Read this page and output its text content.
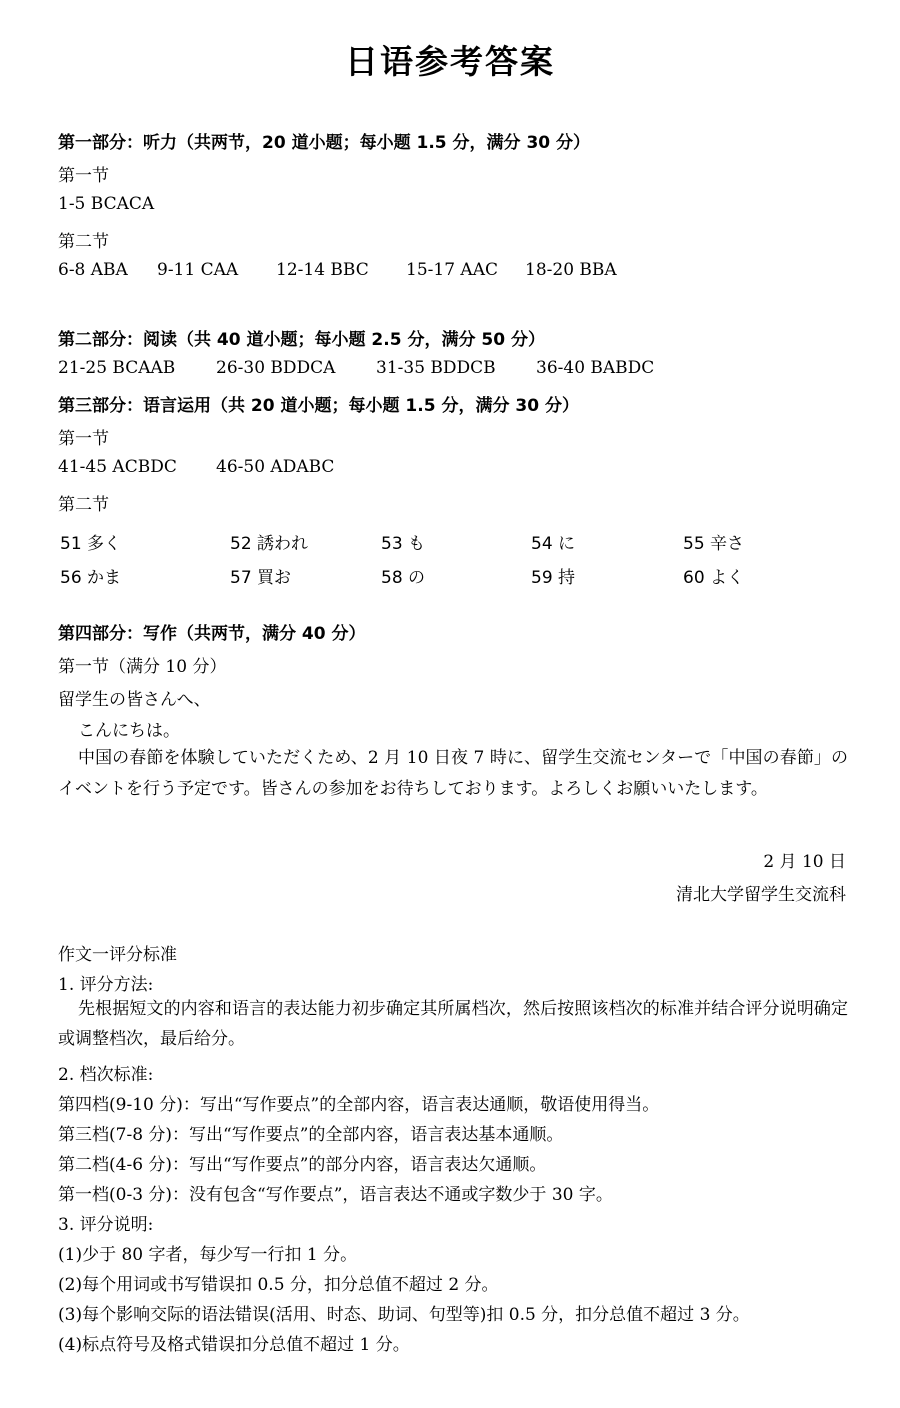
日语参考答案
第一部分：听力（共两节，20 道小题；每小题 1.5 分，满分 30 分）
第一节
1-5 BCACA
第二节
6-8 ABA 9-11 CAA 12-14 BBC 15-17 AAC 18-20 BBA
第二部分：阅读（共 40 道小题；每小题 2.5 分，满分 50 分）
21-25 BCAAB 26-30 BDDCA 31-35 BDDCB 36-40 BABDC
第三部分：语言运用（共 20 道小题；每小题 1.5 分，满分 30 分）
第一节
41-45 ACBDC 46-50 ADABC
第二节
51 多く	52 誘われ	53 も	54 に	55 辛さ
56 かま	57 買お	58 の	59 持	60 よく
第四部分：写作（共两节，满分 40 分）
第一节（满分 10 分）
留学生の皆さんへ、
こんにちは。
中国の春節を体験していただくため、2 月 10 日夜 7 時に、留学生交流センターで「中国の春節」のイベントを行う予定です。皆さんの参加をお待ちしております。よろしくお願いいたします。
2 月 10 日
清北大学留学生交流科
作文一评分标准
1. 评分方法:
先根据短文的内容和语言的表达能力初步确定其所属档次，然后按照该档次的标准并结合评分说明确定或调整档次，最后给分。
2. 档次标准:
第四档(9-10 分)：写出“写作要点”的全部内容，语言表达通顺，敬语使用得当。
第三档(7-8 分)：写出“写作要点”的全部内容，语言表达基本通顺。
第二档(4-6 分)：写出“写作要点”的部分内容，语言表达欠通顺。
第一档(0-3 分)：没有包含“写作要点”，语言表达不通或字数少于 30 字。
3. 评分说明:
(1)少于 80 字者，每少写一行扣 1 分。
(2)每个用词或书写错误扣 0.5 分，扣分总值不超过 2 分。
(3)每个影响交际的语法错误(活用、时态、助词、句型等)扣 0.5 分，扣分总值不超过 3 分。
(4)标点符号及格式错误扣分总值不超过 1 分。
